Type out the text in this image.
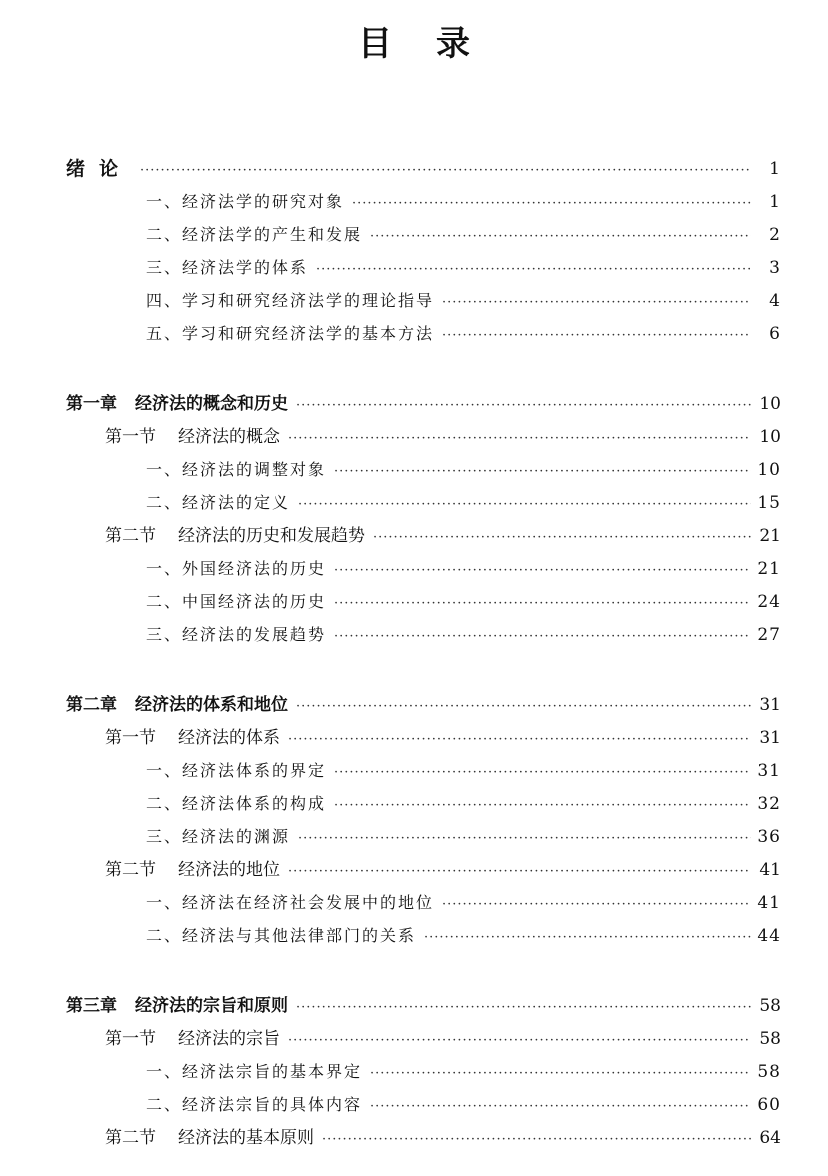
目录
绪论 ·····	1
一、经济法学的研究对象 ·····	1
二、经济法学的产生和发展 ·····	2
三、经济法学的体系 ·····	3
四、学习和研究经济法学的理论指导 ·····	4
五、学习和研究经济法学的基本方法 ·····	6
第一章 经济法的概念和历史 ·····	10
第一节 经济法的概念 ·····	10
一、经济法的调整对象 ·····	10
二、经济法的定义 ·····	15
第二节 经济法的历史和发展趋势 ·····	21
一、外国经济法的历史 ·····	21
二、中国经济法的历史 ·····	24
三、经济法的发展趋势 ·····	27
第二章 经济法的体系和地位 ·····	31
第一节 经济法的体系 ·····	31
一、经济法体系的界定 ·····	31
二、经济法体系的构成 ·····	32
三、经济法的渊源 ·····	36
第二节 经济法的地位 ·····	41
一、经济法在经济社会发展中的地位 ·····	41
二、经济法与其他法律部门的关系 ·····	44
第三章 经济法的宗旨和原则 ·····	58
第一节 经济法的宗旨 ·····	58
一、经济法宗旨的基本界定 ·····	58
二、经济法宗旨的具体内容 ·····	60
第二节 经济法的基本原则 ·····	64
